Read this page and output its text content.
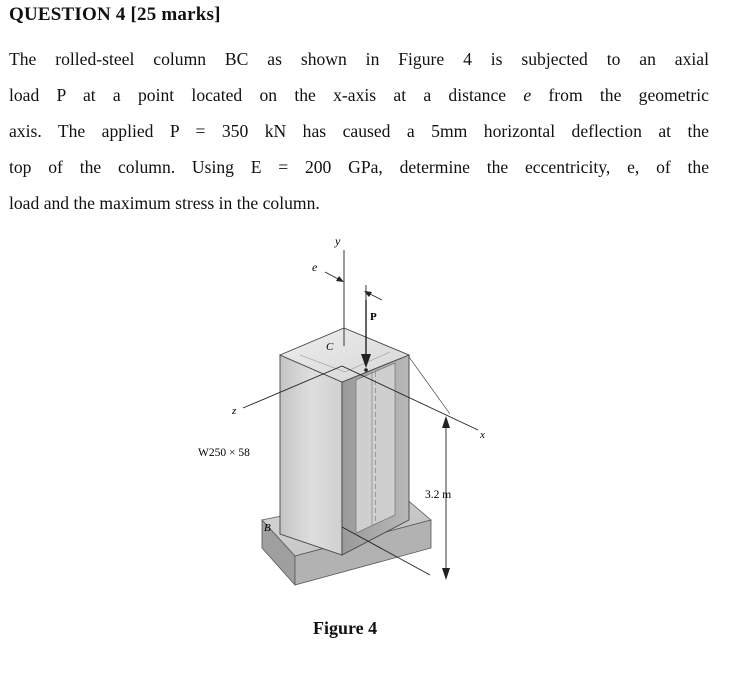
QUESTION 4 [25 marks]
The rolled-steel column BC as shown in Figure 4 is subjected to an axial
load P at a point located on the x-axis at a distance e from the geometric
axis. The applied P = 350 kN has caused a 5mm horizontal deflection at the
top of the column. Using E = 200 GPa, determine the eccentricity, e, of the
load and the maximum stress in the column.
y
e
P
C
z
x
B
W250 × 58
3.2 m
Figure 4
